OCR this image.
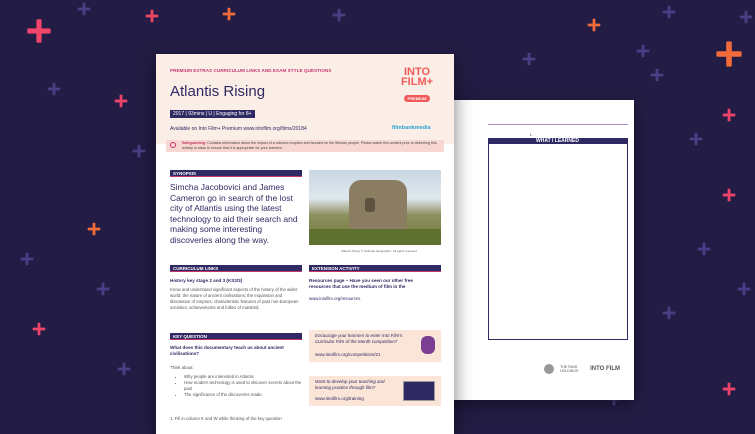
L
WHAT I LEARNED
THE FANS HOLDINGS	INTO FILM
PREMIUM EXTRAS CURRICULUM LINKS AND EXAM STYLE QUESTIONS
Atlantis Rising
INTO FILM+
PREMIUM
2017 | 93mins | U | Engaging for 8+
Available on Into Film+ Premium www.intofilm.org/films/20184	filmbankmedia
Safeguarding: Contains information about the impact of a volcanic eruption and tsunami on the Minoan people. Please watch this content prior to delivering this activity in class to ensure that it is appropriate for your learners.
SYNOPSIS
Simcha Jacobovici and James Cameron go in search of the lost city of Atlantis using the latest technology to aid their search and making some interesting discoveries along the way.
Atlantis Rising © National Geographic. All rights reserved
CURRICULUM LINKS
History key stage 2 and 3 (KS2/3)
Know and understand significant aspects of the history of the wider world: the nature of ancient civilisations; the expansion and dissolution of empires; characteristic features of past non-European societies; achievements and follies of mankind.
EXTENSION ACTIVITY
Resources page – Have you seen our other free resources that use the medium of film in the
www.intofilm.org/resources
KEY QUESTION
What does this documentary teach us about ancient civilisations?
Think about:
• Why people are interested in Atlantis
• How modern technology is used to discover secrets about the past
• The significance of the discoveries made.
1. Fill in column K and W while thinking of the key question
Encourage your learners to enter Into Film's Curricular Film of the Month competition?
www.intofilm.org/competitions/21
Want to develop your teaching and learning practice through film?
www.intofilm.org/training
